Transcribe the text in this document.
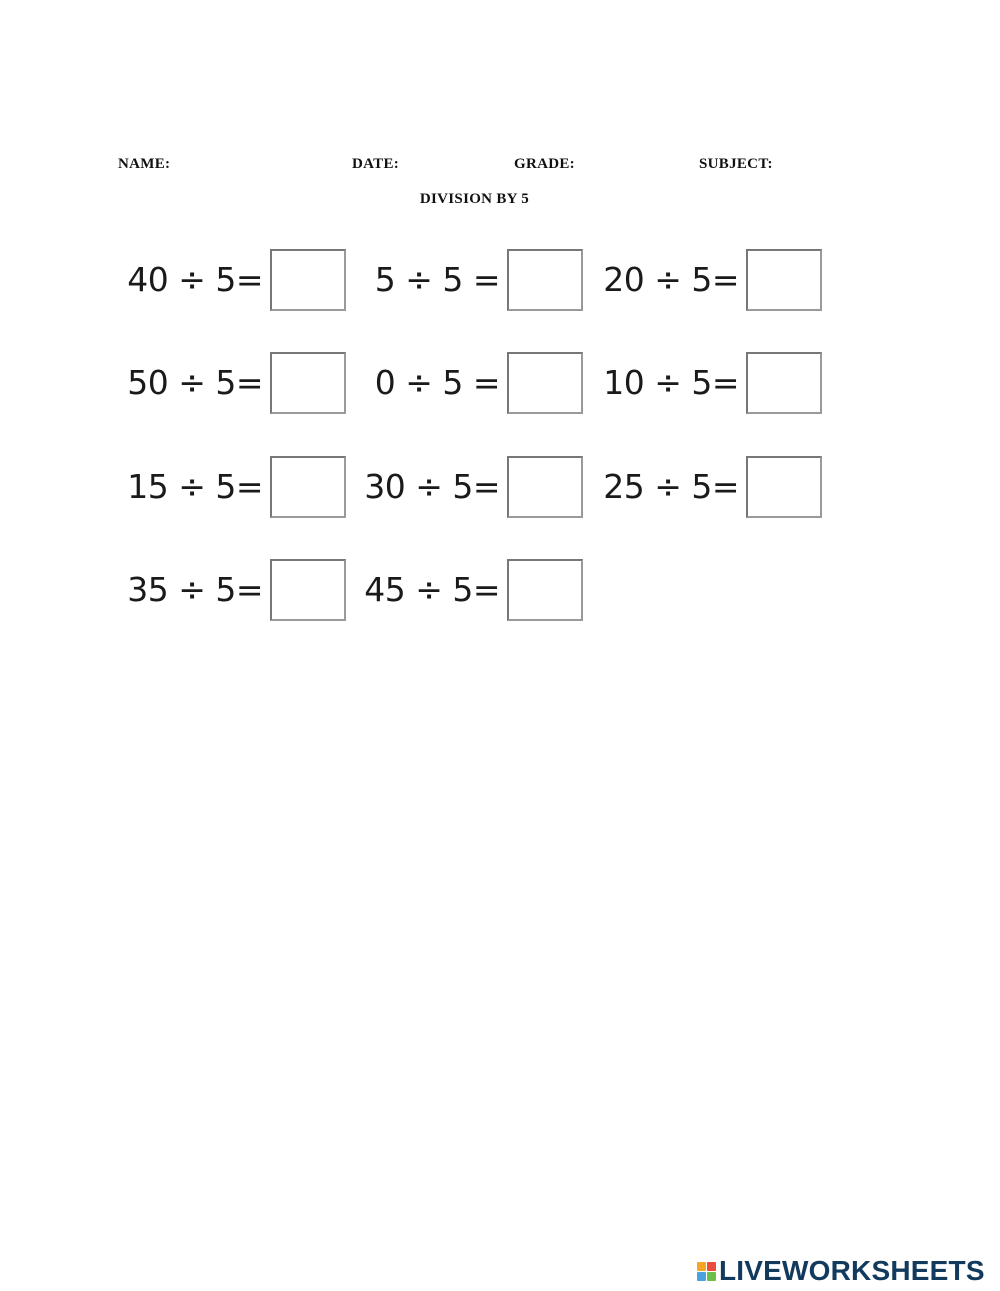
NAME:	DATE:	GRADE:	SUBJECT:

DIVISION BY 5
40 ÷ 5=	5 ÷ 5 =	20 ÷ 5=
50 ÷ 5=	0 ÷ 5 =	10 ÷ 5=
15 ÷ 5=	30 ÷ 5=	25 ÷ 5=
35 ÷ 5=	45 ÷ 5=
LIVEWORKSHEETS
